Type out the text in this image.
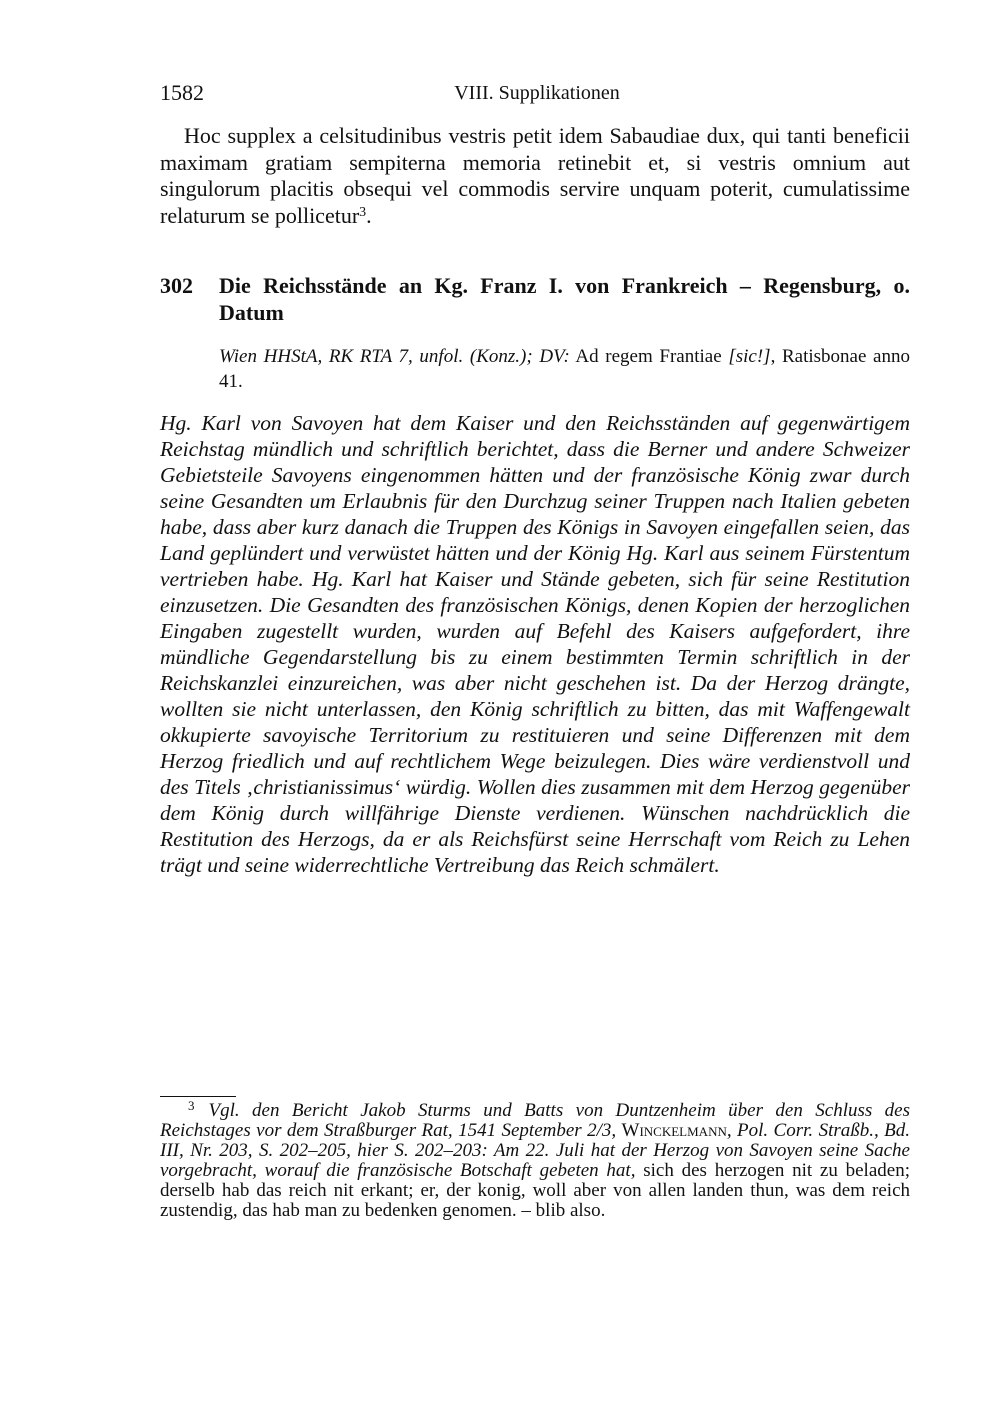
1582	VIII. Supplikationen

Hoc supplex a celsitudinibus vestris petit idem Sabaudiae dux, qui tanti beneficii maximam gratiam sempiterna memoria retinebit et, si vestris omnium aut singulorum placitis obsequi vel commodis servire unquam poterit, cumulatissime relaturum se pollicetur$^3$.

302 Die Reichsstände an Kg. Franz I. von Frankreich – Regensburg, o. Datum

Wien HHStA, RK RTA 7, unfol. (Konz.); DV: Ad regem Frantiae [sic!], Ratisbonae anno 41.

Hg. Karl von Savoyen hat dem Kaiser und den Reichsständen auf gegenwärtigem Reichstag mündlich und schriftlich berichtet, dass die Berner und andere Schweizer Gebietsteile Savoyens eingenommen hätten und der französische König zwar durch seine Gesandten um Erlaubnis für den Durchzug seiner Truppen nach Italien gebeten habe, dass aber kurz danach die Truppen des Königs in Savoyen eingefallen seien, das Land geplündert und verwüstet hätten und der König Hg. Karl aus seinem Fürstentum vertrieben habe. Hg. Karl hat Kaiser und Stände gebeten, sich für seine Restitution einzusetzen. Die Gesandten des französischen Königs, denen Kopien der herzoglichen Eingaben zugestellt wurden, wurden auf Befehl des Kaisers aufgefordert, ihre mündliche Gegendarstellung bis zu einem bestimmten Termin schriftlich in der Reichskanzlei einzureichen, was aber nicht geschehen ist. Da der Herzog drängte, wollten sie nicht unterlassen, den König schriftlich zu bitten, das mit Waffengewalt okkupierte savoyische Territorium zu restituieren und seine Differenzen mit dem Herzog friedlich und auf rechtlichem Wege beizulegen. Dies wäre verdienstvoll und des Titels ‚christianissimus‘ würdig. Wollen dies zusammen mit dem Herzog gegenüber dem König durch willfährige Dienste verdienen. Wünschen nachdrücklich die Restitution des Herzogs, da er als Reichsfürst seine Herrschaft vom Reich zu Lehen trägt und seine widerrechtliche Vertreibung das Reich schmälert.

$^3$ Vgl. den Bericht Jakob Sturms und Batts von Duntzenheim über den Schluss des Reichstages vor dem Straßburger Rat, 1541 September 2/3, Winckelmann, Pol. Corr. Straßb., Bd. III, Nr. 203, S. 202–205, hier S. 202–203: Am 22. Juli hat der Herzog von Savoyen seine Sache vorgebracht, worauf die französische Botschaft gebeten hat, sich des herzogen nit zu beladen; derselb hab das reich nit erkant; er, der konig, woll aber von allen landen thun, was dem reich zustendig, das hab man zu bedenken genomen. – blib also.
